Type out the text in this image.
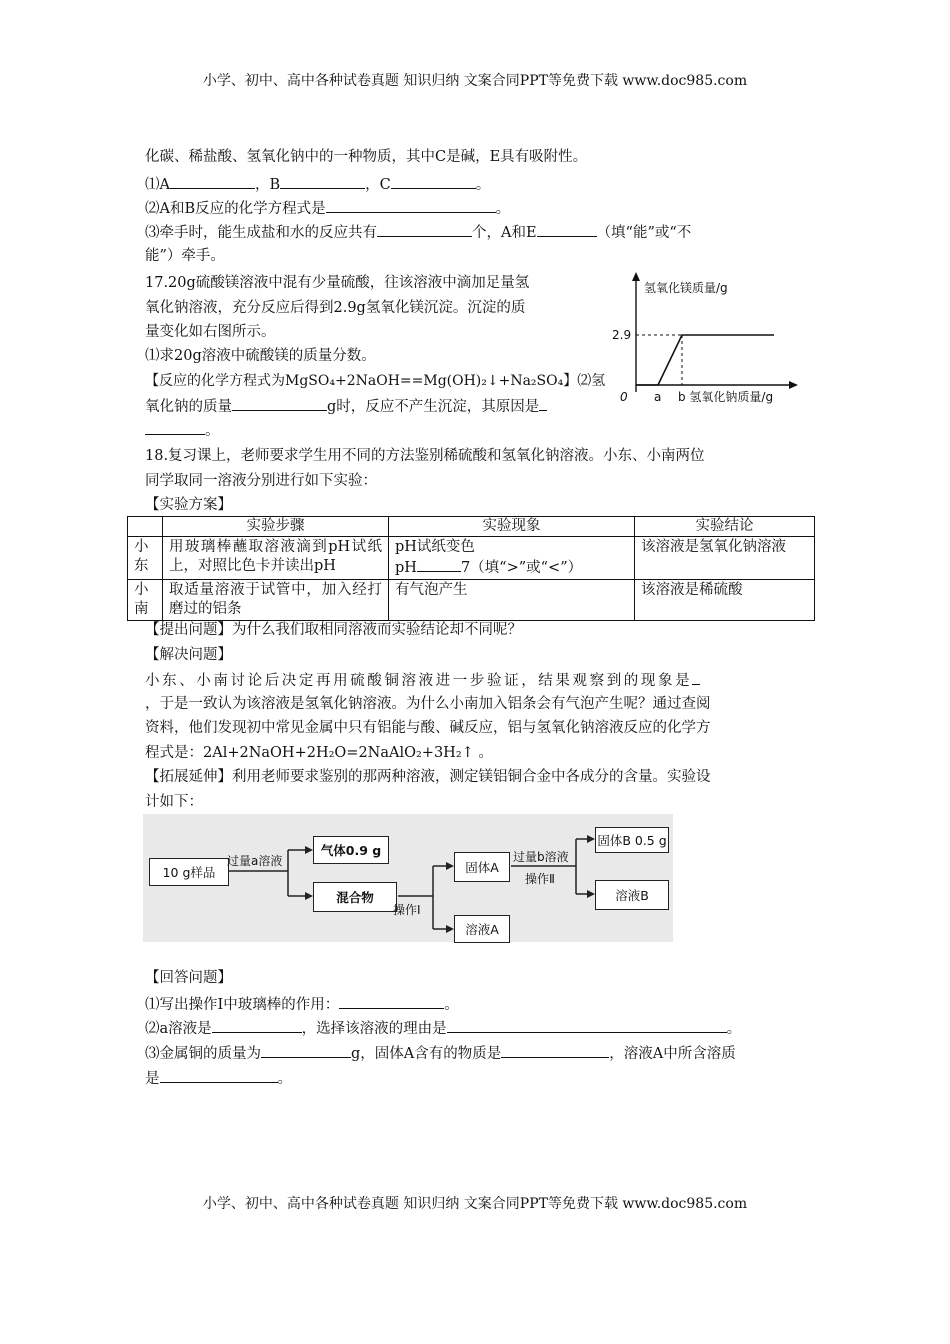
小学、初中、高中各种试卷真题 知识归纳 文案合同PPT等免费下载 www.doc985.com
小学、初中、高中各种试卷真题 知识归纳 文案合同PPT等免费下载 www.doc985.com
化碳、稀盐酸、氢氧化钠中的一种物质，其中C是碱，E具有吸附性。
⑴A	，B	，C	。
⑵A和B反应的化学方程式是	。
⑶牵手时，能生成盐和水的反应共有	个，A和E	（填“能”或“不
能”）牵手。
17.20g硫酸镁溶液中混有少量硫酸，往该溶液中滴加足量氢
氧化钠溶液，充分反应后得到2.9g氢氧化镁沉淀。沉淀的质
量变化如右图所示。
⑴求20g溶液中硫酸镁的质量分数。
【反应的化学方程式为MgSO₄+2NaOH==Mg(OH)₂↓+Na₂SO₄】⑵氢
氧化钠的质量	g时，反应不产生沉淀，其原因是
。
氢氧化镁质量/g
2.9
0 a b 氢氧化钠质量/g
18.复习课上，老师要求学生用不同的方法鉴别稀硫酸和氢氧化钠溶液。小东、小南两位
同学取同一溶液分别进行如下实验：
【实验方案】
	实验步骤	实验现象	实验结论
小东	用玻璃棒蘸取溶液滴到pH试纸上，对照比色卡并读出pH	pH试纸变色
pH 7（填“>”或“<”）	该溶液是氢氧化钠溶液
小南	取适量溶液于试管中，加入经打磨过的铝条	有气泡产生	该溶液是稀硫酸
【提出问题】为什么我们取相同溶液而实验结论却不同呢？
【解决问题】
小东、小南讨论后决定再用硫酸铜溶液进一步验证，结果观察到的现象是
，于是一致认为该溶液是氢氧化钠溶液。为什么小南加入铝条会有气泡产生呢？通过查阅
资料，他们发现初中常见金属中只有铝能与酸、碱反应，铝与氢氧化钠溶液反应的化学方
程式是：2Al+2NaOH+2H₂O=2NaAlO₂+3H₂↑ 。
【拓展延伸】利用老师要求鉴别的那两种溶液，测定镁铝铜合金中各成分的含量。实验设
计如下：
10 g样品
过量a溶液
气体0.9 g
混合物
操作Ⅰ
固体A
溶液A
过量b溶液
操作Ⅱ
固体B 0.5 g
溶液B
【回答问题】
⑴写出操作Ⅰ中玻璃棒的作用：	。
⑵a溶液是	，选择该溶液的理由是	。
⑶金属铜的质量为	g，固体A含有的物质是	，溶液A中所含溶质
是	。
